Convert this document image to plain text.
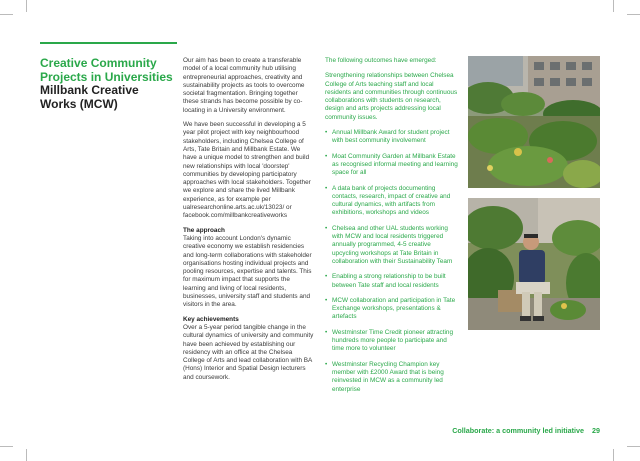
Creative Community Projects in Universities
Millbank Creative Works (MCW)

Our aim has been to create a transferable model of a local community hub utilising entrepreneurial approaches, creativity and sustainability projects as tools to overcome societal fragmentation. Bringing together these strands has become possible by co-locating in a University environment.

We have been successful in developing a 5 year pilot project with key neighbourhood stakeholders, including Chelsea College of Arts, Tate Britain and Millbank Estate. We have a unique model to strengthen and build new relationships with local 'doorstep' communities by developing participatory approaches with local stakeholders. Together we explore and share the lived Millbank experience, as for example per ualresearchonline.arts.ac.uk/13023/ or facebook.com/millbankcreativeworks

The approach

Taking into account London's dynamic creative economy we establish residencies and long-term collaborations with stakeholder organisations hosting individual projects and pooling resources, expertise and talents. This for maximum impact that supports the learning and living of local residents, businesses, university staff and students and visitors in the area.

Key achievements

Over a 5-year period tangible change in the cultural dynamics of university and community have been achieved by establishing our residency with an office at the Chelsea College of Arts and lead collaboration with BA (Hons) Interior and Spatial Design lecturers and coursework.

The following outcomes have emerged:

Strengthening relationships between Chelsea College of Arts teaching staff and local residents and communities through continuous collaborations with students on research, design and arts projects addressing local community issues.

• Annual Millbank Award for student project with best community involvement
• Moat Community Garden at Millbank Estate as recognised informal meeting and learning space for all
• A data bank of projects documenting contacts, research, impact of creative and cultural dynamics, with artifacts from exhibitions, workshops and videos
• Chelsea and other UAL students working with MCW and local residents triggered annually programmed, 4-5 creative upcycling workshops at Tate Britain in collaboration with their Sustainability Team
• Enabling a strong relationship to be built between Tate staff and local residents
• MCW collaboration and participation in Tate Exchange workshops, presentations & artefacts
• Westminster Time Credit pioneer attracting hundreds more people to participate and time more to volunteer
• Westminster Recycling Champion key member with £2000 Award that is being reinvested in MCW as a community led enterprise
Collaborate: a community led initiative 29
